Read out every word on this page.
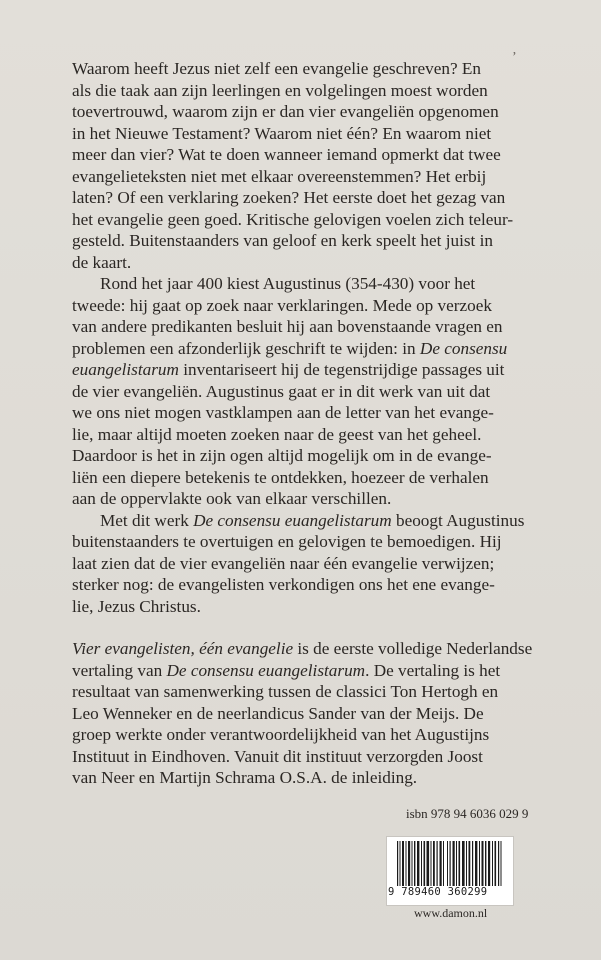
’
Waarom heeft Jezus niet zelf een evangelie geschreven? En
als die taak aan zijn leerlingen en volgelingen moest worden
toevertrouwd, waarom zijn er dan vier evangeliën opgenomen
in het Nieuwe Testament? Waarom niet één? En waarom niet
meer dan vier? Wat te doen wanneer iemand opmerkt dat twee
evangelieteksten niet met elkaar overeenstemmen? Het erbij
laten? Of een verklaring zoeken? Het eerste doet het gezag van
het evangelie geen goed. Kritische gelovigen voelen zich teleur-
gesteld. Buitenstaanders van geloof en kerk speelt het juist in
de kaart.
Rond het jaar 400 kiest Augustinus (354-430) voor het
tweede: hij gaat op zoek naar verklaringen. Mede op verzoek
van andere predikanten besluit hij aan bovenstaande vragen en
problemen een afzonderlijk geschrift te wijden: in De consensu
euangelistarum inventariseert hij de tegenstrijdige passages uit
de vier evangeliën. Augustinus gaat er in dit werk van uit dat
we ons niet mogen vastklampen aan de letter van het evange-
lie, maar altijd moeten zoeken naar de geest van het geheel.
Daardoor is het in zijn ogen altijd mogelijk om in de evange-
liën een diepere betekenis te ontdekken, hoezeer de verhalen
aan de oppervlakte ook van elkaar verschillen.
Met dit werk De consensu euangelistarum beoogt Augustinus
buitenstaanders te overtuigen en gelovigen te bemoedigen. Hij
laat zien dat de vier evangeliën naar één evangelie verwijzen;
sterker nog: de evangelisten verkondigen ons het ene evange-
lie, Jezus Christus.
Vier evangelisten, één evangelie is de eerste volledige Nederlandse
vertaling van De consensu euangelistarum. De vertaling is het
resultaat van samenwerking tussen de classici Ton Hertogh en
Leo Wenneker en de neerlandicus Sander van der Meijs. De
groep werkte onder verantwoordelijkheid van het Augustijns
Instituut in Eindhoven. Vanuit dit instituut verzorgden Joost
van Neer en Martijn Schrama O.S.A. de inleiding.
isbn 978 94 6036 029 9
9 789460 360299
www.damon.nl
